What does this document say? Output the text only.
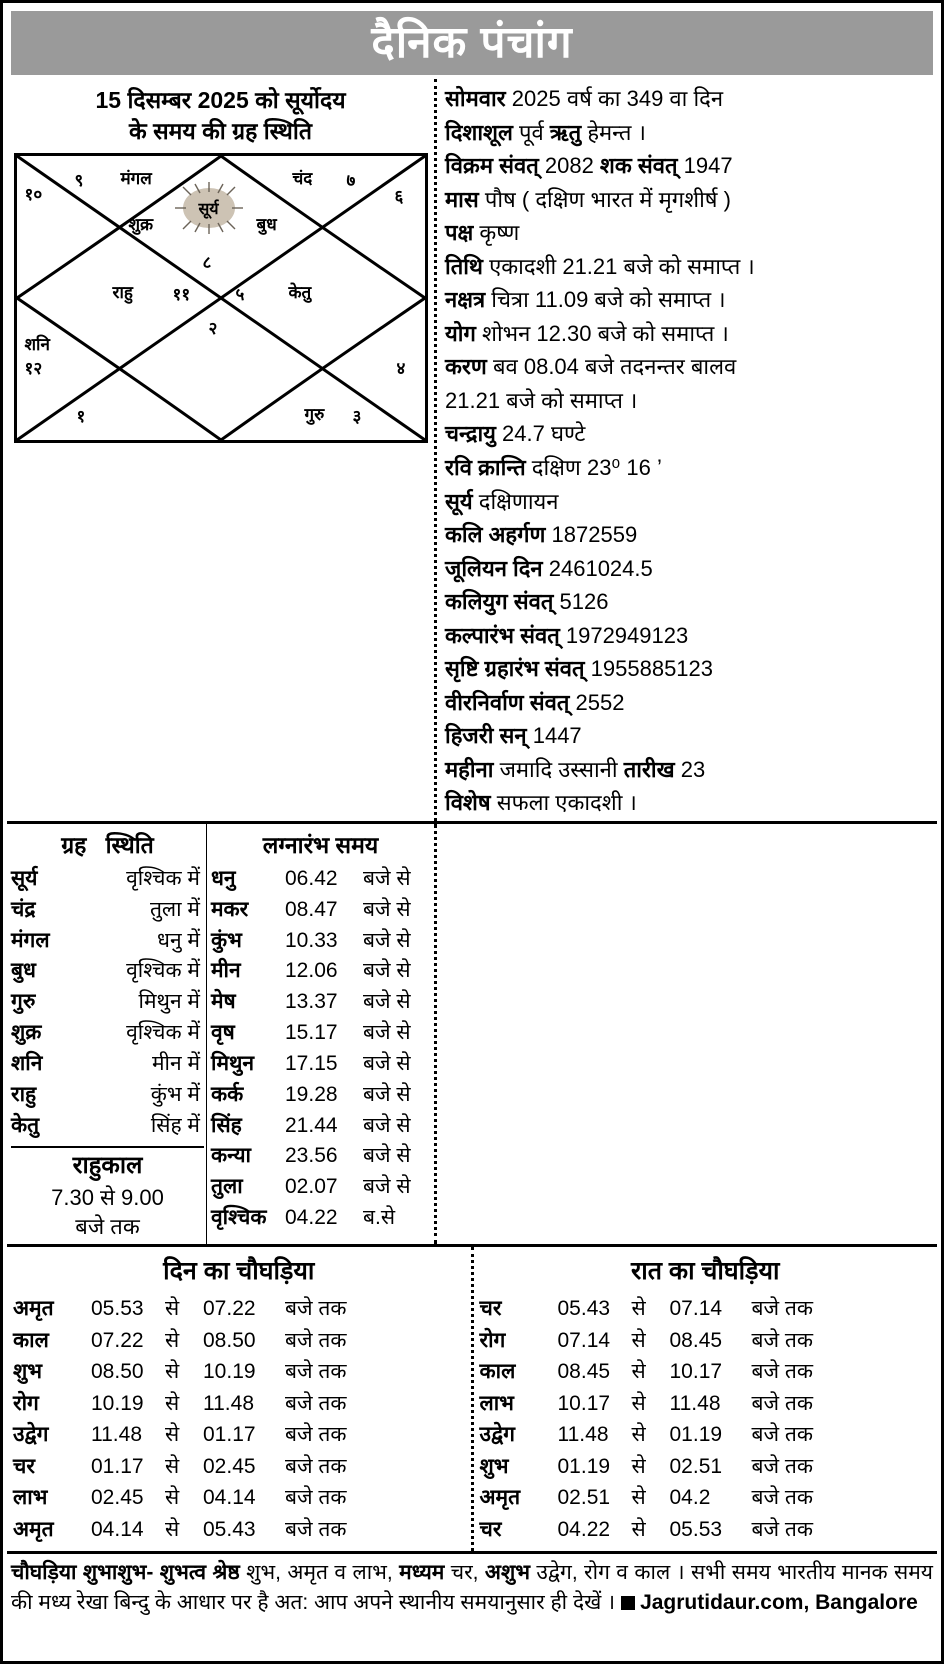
दैनिक पंचांग
15 दिसम्बर 2025 को सूर्योदय
के समय की ग्रह स्थिति
१०
९	७
६
८
५
११
१२
२
१	३
४
मंगल	चंद
शुक्र	बुध
राहु	केतु
शनि
गुरु
सूर्य
सोमवार 2025 वर्ष का 349 वा दिन
दिशाशूल पूर्व ऋतु हेमन्त ।
विक्रम संवत् 2082 शक संवत् 1947
मास पौष ( दक्षिण भारत में मृगशीर्ष )
पक्ष कृष्ण
तिथि एकादशी 21.21 बजे को समाप्त ।
नक्षत्र चित्रा 11.09 बजे को समाप्त ।
योग शोभन 12.30 बजे को समाप्त ।
करण बव 08.04 बजे तदनन्तर बालव
21.21 बजे को समाप्त ।
चन्द्रायु 24.7 घण्टे
रवि क्रान्ति दक्षिण 23⁰ 16 ’
सूर्य दक्षिणायन
कलि अहर्गण 1872559
जूलियन दिन 2461024.5
कलियुग संवत् 5126
कल्पारंभ संवत् 1972949123
सृष्टि ग्रहारंभ संवत् 1955885123
वीरनिर्वाण संवत् 2552
हिजरी सन् 1447
महीना जमादि उस्सानी तारीख 23
विशेष सफला एकादशी ।
ग्रह स्थिति
सूर्य	वृश्चिक में
चंद्र	तुला में
मंगल	धनु में
बुध	वृश्चिक में
गुरु	मिथुन में
शुक्र	वृश्चिक में
शनि	मीन में
राहु	कुंभ में
केतु	सिंह में
राहुकाल
7.30 से 9.00
बजे तक
लग्नारंभ समय
धनु	06.42	बजे से
मकर	08.47	बजे से
कुंभ	10.33	बजे से
मीन	12.06	बजे से
मेष	13.37	बजे से
वृष	15.17	बजे से
मिथुन	17.15	बजे से
कर्क	19.28	बजे से
सिंह	21.44	बजे से
कन्या	23.56	बजे से
तुला	02.07	बजे से
वृश्चिक 04.22	ब.से

दिन का चौघड़िया
अमृत	05.53	से	07.22	बजे तक
काल	07.22	से	08.50	बजे तक
शुभ	08.50	से	10.19	बजे तक
रोग	10.19	से	11.48	बजे तक
उद्वेग	11.48	से	01.17	बजे तक
चर	01.17	से	02.45	बजे तक
लाभ	02.45	से	04.14	बजे तक
अमृत	04.14	से	05.43	बजे तक
रात का चौघड़िया
चर	05.43	से	07.14	बजे तक
रोग	07.14	से	08.45	बजे तक
काल	08.45	से	10.17	बजे तक
लाभ	10.17	से	11.48	बजे तक
उद्वेग	11.48	से	01.19	बजे तक
शुभ	01.19	से	02.51	बजे तक
अमृत	02.51	से	04.2	बजे तक
चर	04.22	से	05.53	बजे तक
चौघड़िया शुभाशुभ- शुभत्व श्रेष्ठ शुभ, अमृत व लाभ, मध्यम चर, अशुभ उद्वेग, रोग व काल । सभी समय भारतीय मानक समय की मध्य रेखा बिन्दु के आधार पर है अत: आप अपने स्थानीय समयानुसार ही देखें । Jagrutidaur.com, Bangalore
